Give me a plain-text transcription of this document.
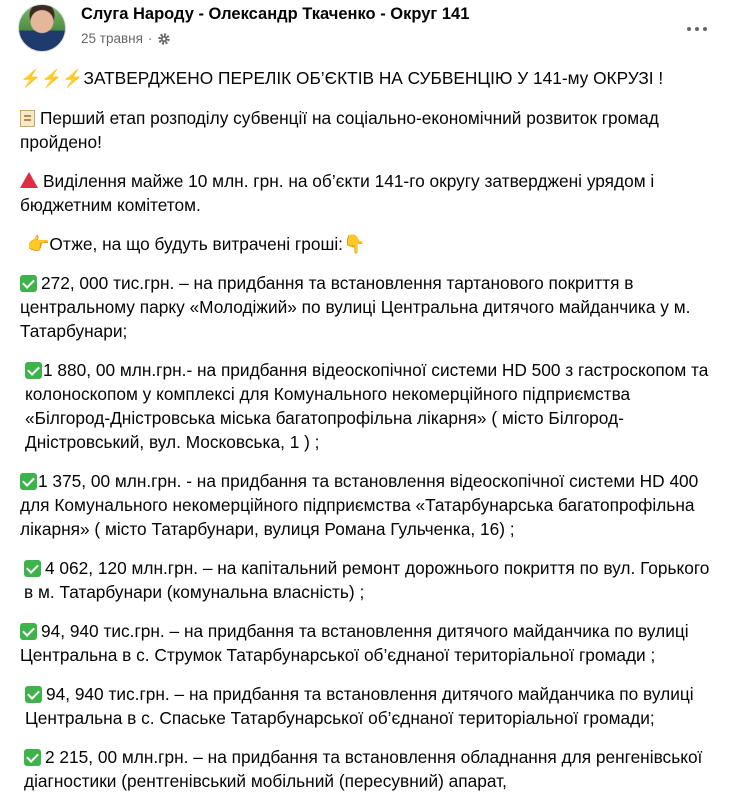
Слуга Народу - Олександр Ткаченко - Округ 141
25 травня ·
⚡⚡⚡ЗАТВЕРДЖЕНО ПЕРЕЛІК ОБ’ЄКТІВ НА СУБВЕНЦІЮ У 141-му ОКРУЗІ !
Перший етап розподілу субвенції на соціально-економічний розвиток громад пройдено!
Виділення майже 10 млн. грн. на об’єкти 141-го округу затверджені урядом і бюджетним комітетом.
👉Отже, на що будуть витрачені гроші:👇
272, 000 тис.грн. – на придбання та встановлення тартанового покриття в центральному парку «Молодіжий» по вулиці Центральна дитячого майданчика у м. Татарбунари;
1 880, 00 млн.грн.- на придбання відеоскопічної системи HD 500 з гастроскопом та колоноскопом у комплексі для Комунального некомерційного підприємства «Білгород-Дністровська міська багатопрофільна лікарня» ( місто Білгород-Дністровський, вул. Московська, 1 ) ;
1 375, 00 млн.грн. - на придбання та встановлення відеоскопічної системи HD 400 для Комунального некомерційного підприємства «Татарбунарська багатопрофільна лікарня» ( місто Татарбунари, вулиця Романа Гульченка, 16) ;
4 062, 120 млн.грн. – на капітальний ремонт дорожнього покриття по вул. Горького в м. Татарбунари (комунальна власність) ;
94, 940 тис.грн. – на придбання та встановлення дитячого майданчика по вулиці Центральна в с. Струмок Татарбунарської об’єднаної територіальної громади ;
94, 940 тис.грн. – на придбання та встановлення дитячого майданчика по вулиці Центральна в с. Спаське Татарбунарської об’єднаної територіальної громади;
2 215, 00 млн.грн. – на придбання та встановлення обладнання для ренгенівської діагностики (рентгенівський мобільний (пересувний) апарат,
